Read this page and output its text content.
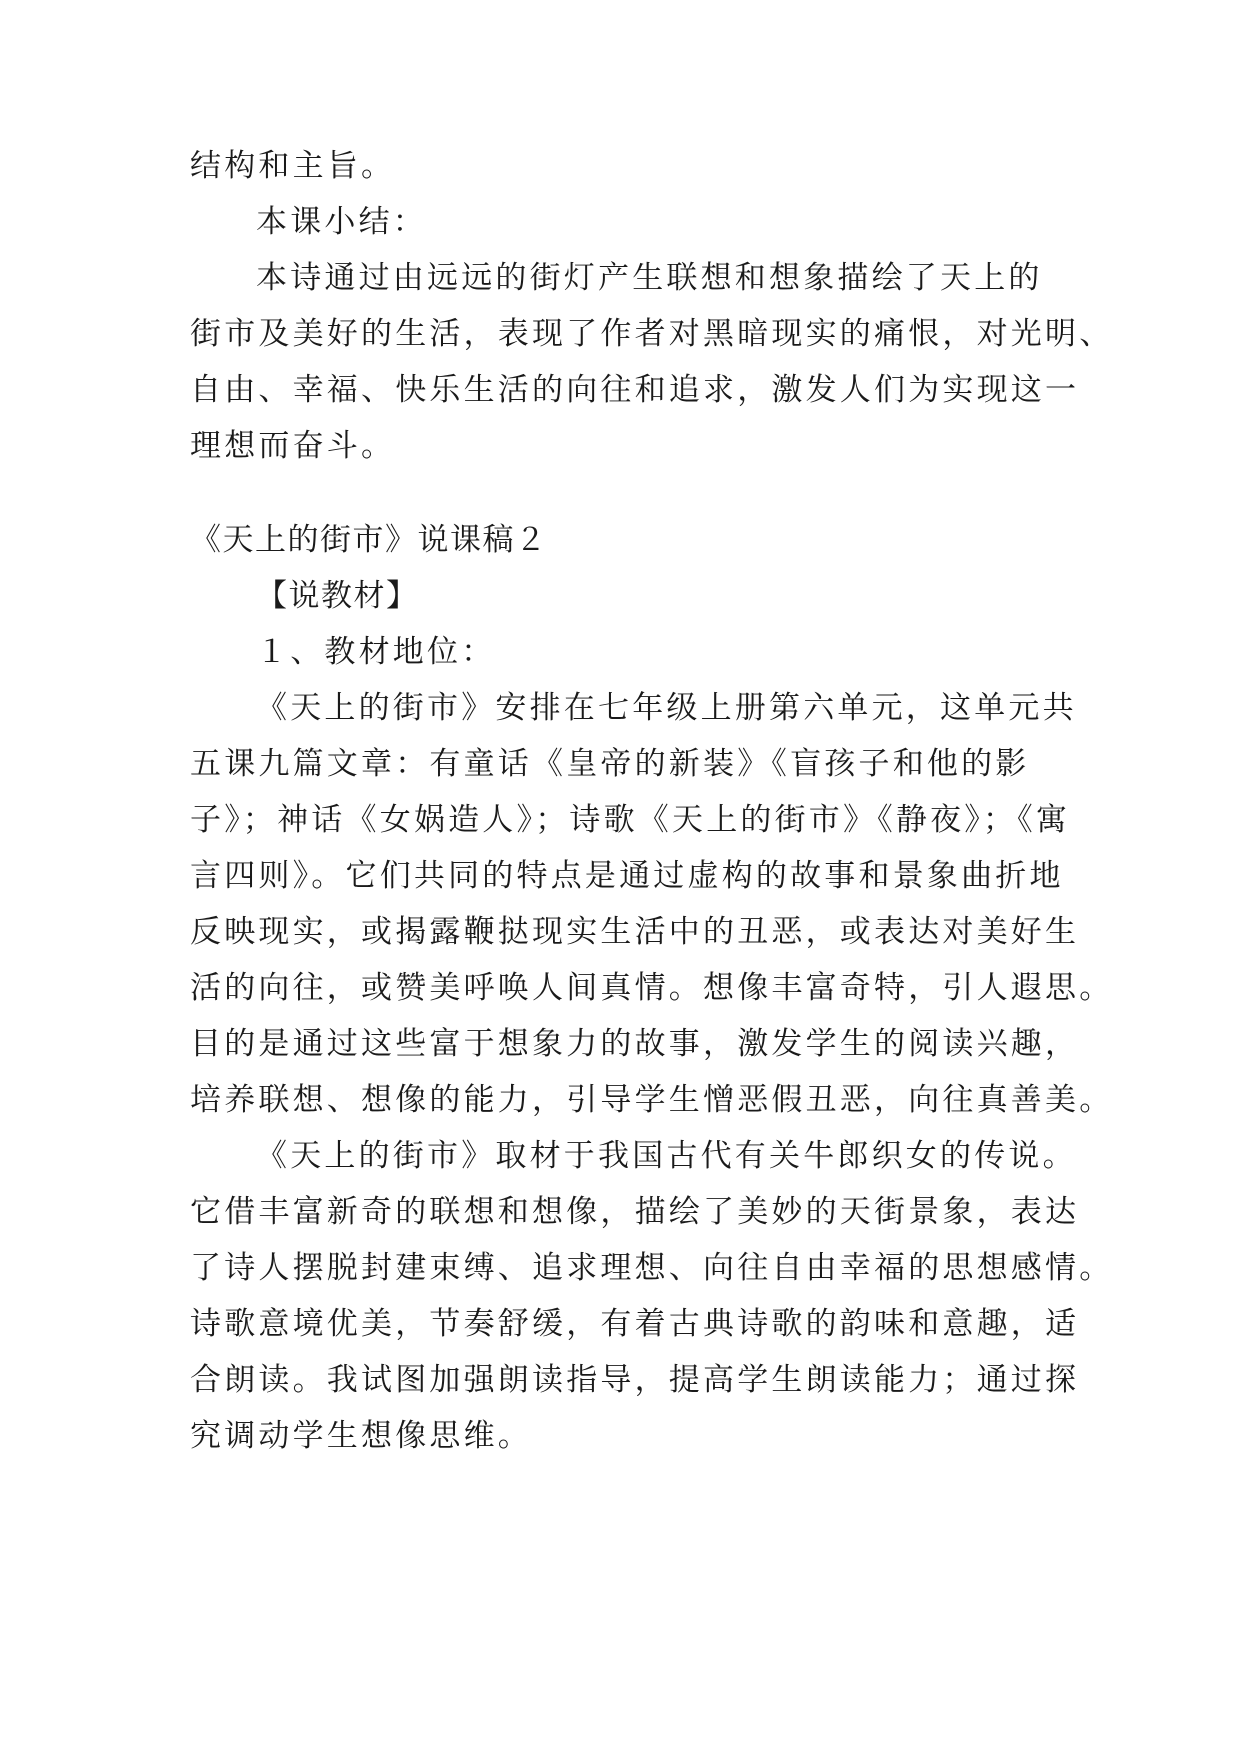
结构和主旨。
本课小结：
本诗通过由远远的街灯产生联想和想象描绘了天上的
街市及美好的生活，表现了作者对黑暗现实的痛恨，对光明、
自由、幸福、快乐生活的向往和追求，激发人们为实现这一
理想而奋斗。
《天上的街市》说课稿２
【说教材】
１、教材地位：
《天上的街市》安排在七年级上册第六单元，这单元共
五课九篇文章：有童话《皇帝的新装》《盲孩子和他的影
子》；神话《女娲造人》；诗歌《天上的街市》《静夜》；《寓
言四则》。它们共同的特点是通过虚构的故事和景象曲折地
反映现实，或揭露鞭挞现实生活中的丑恶，或表达对美好生
活的向往，或赞美呼唤人间真情。想像丰富奇特，引人遐思。
目的是通过这些富于想象力的故事，激发学生的阅读兴趣，
培养联想、想像的能力，引导学生憎恶假丑恶，向往真善美。
《天上的街市》取材于我国古代有关牛郎织女的传说。
它借丰富新奇的联想和想像，描绘了美妙的天街景象，表达
了诗人摆脱封建束缚、追求理想、向往自由幸福的思想感情。
诗歌意境优美，节奏舒缓，有着古典诗歌的韵味和意趣，适
合朗读。我试图加强朗读指导，提高学生朗读能力；通过探
究调动学生想像思维。
